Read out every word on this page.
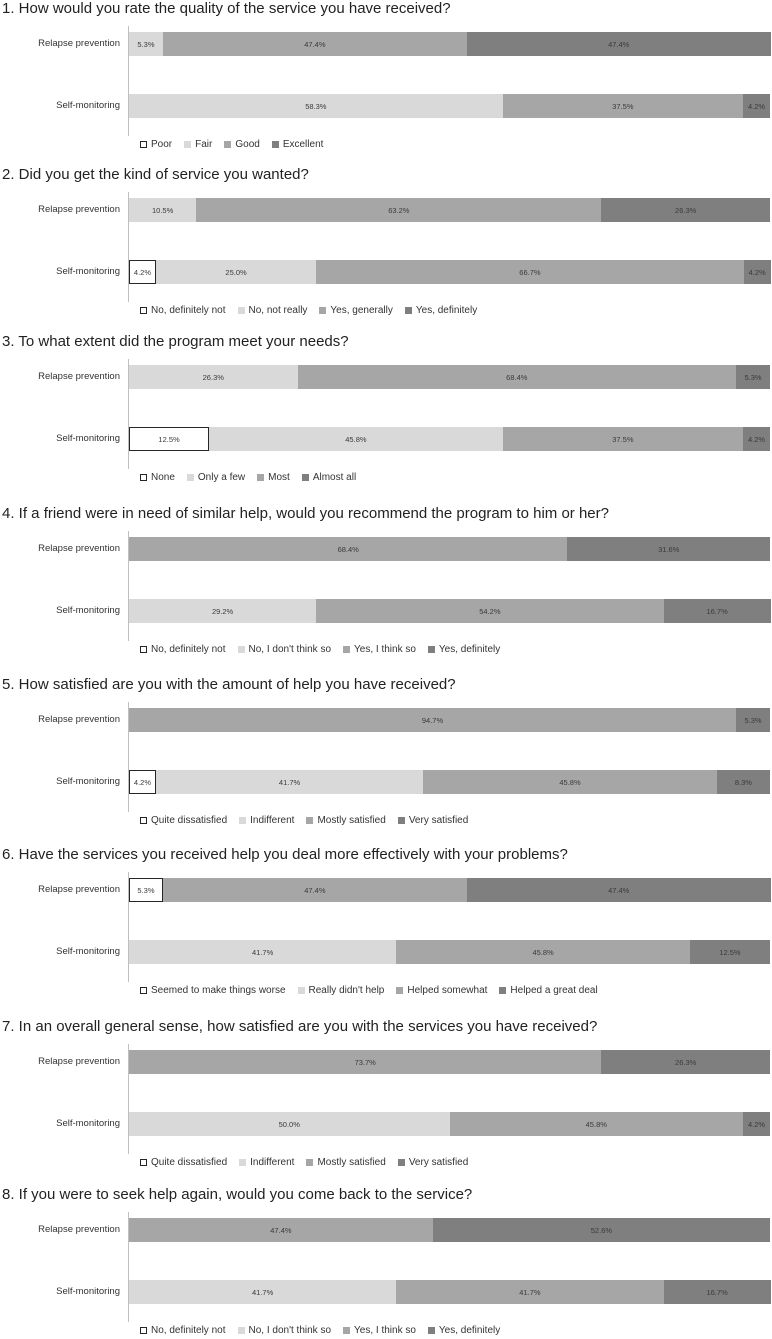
1. How would you rate the quality of the service you have received?
Relapse prevention 5.3%	47.4%	47.4%
Self-monitoring	58.3%	37.5%	4.2%
Poor Fair Good Excellent
2. Did you get the kind of service you wanted?
Relapse prevention	10.5%	63.2%	26.3%
Self-monitoring 4.2%	25.0%	66.7%	4.2%
No, definitely not No, not really Yes, generally Yes, definitely
3. To what extent did the program meet your needs?
Relapse prevention	26.3%	68.4%	5.3%
Self-monitoring	12.5%	45.8%	37.5%	4.2%
None Only a few Most Almost all
4. If a friend were in need of similar help, would you recommend the program to him or her?
Relapse prevention	68.4%	31.6%
Self-monitoring	29.2%	54.2%	16.7%
No, definitely not No, I don't think so Yes, I think so Yes, definitely
5. How satisfied are you with the amount of help you have received?
Relapse prevention	94.7%	5.3%
Self-monitoring 4.2%	41.7%	45.8%	8.3%
Quite dissatisfied Indifferent Mostly satisfied Very satisfied
6. Have the services you received help you deal more effectively with your problems?
Relapse prevention 5.3%	47.4%	47.4%
Self-monitoring	41.7%	45.8%	12.5%
Seemed to make things worse Really didn't help Helped somewhat Helped a great deal
7. In an overall general sense, how satisfied are you with the services you have received?
Relapse prevention	73.7%	26.3%
Self-monitoring	50.0%	45.8%	4.2%
Quite dissatisfied Indifferent Mostly satisfied Very satisfied
8. If you were to seek help again, would you come back to the service?
Relapse prevention	47.4%	52.6%
Self-monitoring	41.7%	41.7%	16.7%
No, definitely not No, I don't think so Yes, I think so Yes, definitely
